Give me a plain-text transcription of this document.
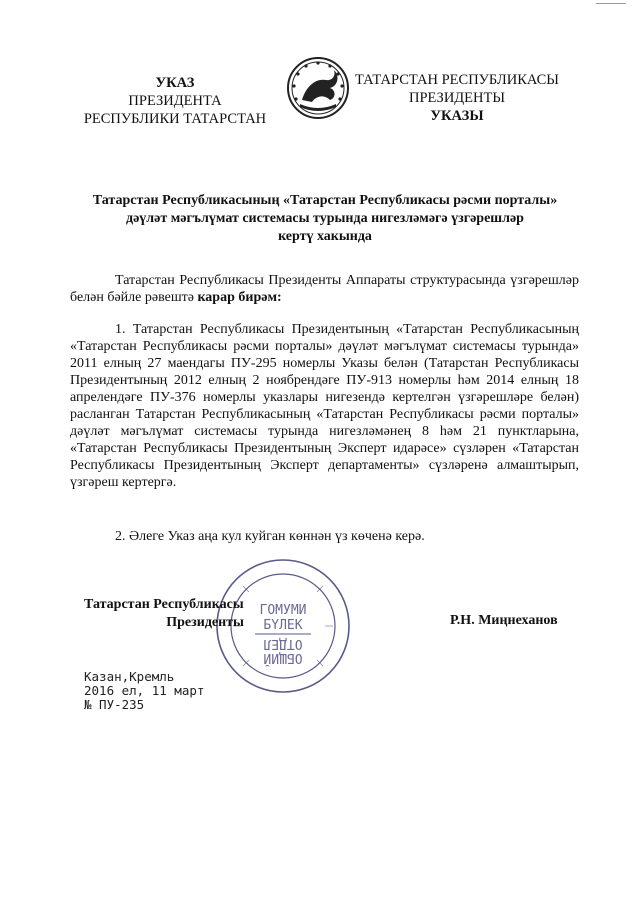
УКАЗ
ПРЕЗИДЕНТА
РЕСПУБЛИКИ ТАТАРСТАН
ТАТАРСТАН РЕСПУБЛИКАСЫ
ПРЕЗИДЕНТЫ
УКАЗЫ
Татарстан Республикасының «Татарстан Республикасы рәсми порталы»
дәүләт мәгълүмат системасы турында нигезләмәгә үзгәрешләр
кертү хакында

Татарстан Республикасы Президенты Аппараты структурасында үзгәрешләр белән бәйле рәвештә карар бирәм:

1. Татарстан Республикасы Президентының «Татарстан Республикасының «Татарстан Республикасы рәсми порталы» дәүләт мәгълүмат системасы турында» 2011 елның 27 маендагы ПУ-295 номерлы Указы белән (Татарстан Республикасы Президентының 2012 елның 2 ноябрендәге ПУ-913 номерлы һәм 2014 елның 18 апрелендәге ПУ-376 номерлы указлары нигезендә кертелгән үзгәрешләре белән) расланган Татарстан Республикасының «Татарстан Республикасы рәсми порталы» дәүләт мәгълүмат системасы турында нигезләмәнең 8 һәм 21 пунктларына, «Татарстан Республикасы Президентының Эксперт идарәсе» сүзләрен «Татарстан Республикасы Президентының Эксперт департаменты» сүзләренә алмаштырып, үзгәреш кертергә.

2. Әлеге Указ аңа кул куйган көннән үз көченә керә.

ГОМУМИ
БҮЛЕК
ОТДЕЛ
ОБЩИЙ
Татарстан Республикасы
Президенты	Р.Н. Миңнеханов
Казан,Кремль
2016 ел, 11 март
№ ПУ-235
